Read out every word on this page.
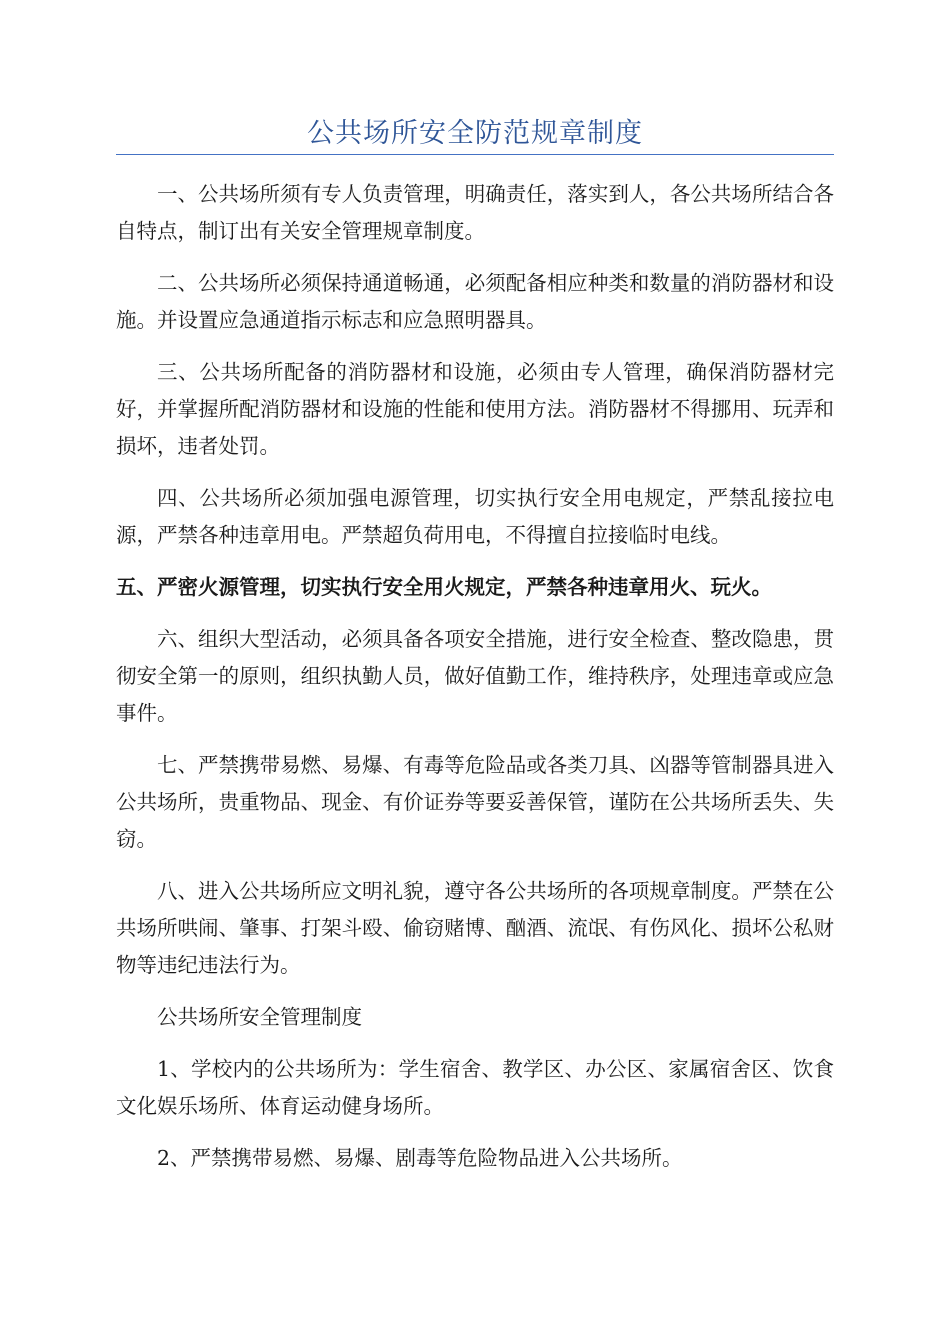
公共场所安全防范规章制度

一、公共场所须有专人负责管理，明确责任，落实到人，各公共场所结合各自特点，制订出有关安全管理规章制度。

二、公共场所必须保持通道畅通，必须配备相应种类和数量的消防器材和设施。并设置应急通道指示标志和应急照明器具。

三、公共场所配备的消防器材和设施，必须由专人管理，确保消防器材完好，并掌握所配消防器材和设施的性能和使用方法。消防器材不得挪用、玩弄和损坏，违者处罚。

四、公共场所必须加强电源管理，切实执行安全用电规定，严禁乱接拉电源，严禁各种违章用电。严禁超负荷用电，不得擅自拉接临时电线。

五、严密火源管理，切实执行安全用火规定，严禁各种违章用火、玩火。

六、组织大型活动，必须具备各项安全措施，进行安全检查、整改隐患，贯彻安全第一的原则，组织执勤人员，做好值勤工作，维持秩序，处理违章或应急事件。

七、严禁携带易燃、易爆、有毒等危险品或各类刀具、凶器等管制器具进入公共场所，贵重物品、现金、有价证券等要妥善保管，谨防在公共场所丢失、失窃。

八、进入公共场所应文明礼貌，遵守各公共场所的各项规章制度。严禁在公共场所哄闹、肇事、打架斗殴、偷窃赌博、酗酒、流氓、有伤风化、损坏公私财物等违纪违法行为。

公共场所安全管理制度

1、学校内的公共场所为：学生宿舍、教学区、办公区、家属宿舍区、饮食文化娱乐场所、体育运动健身场所。

2、严禁携带易燃、易爆、剧毒等危险物品进入公共场所。
